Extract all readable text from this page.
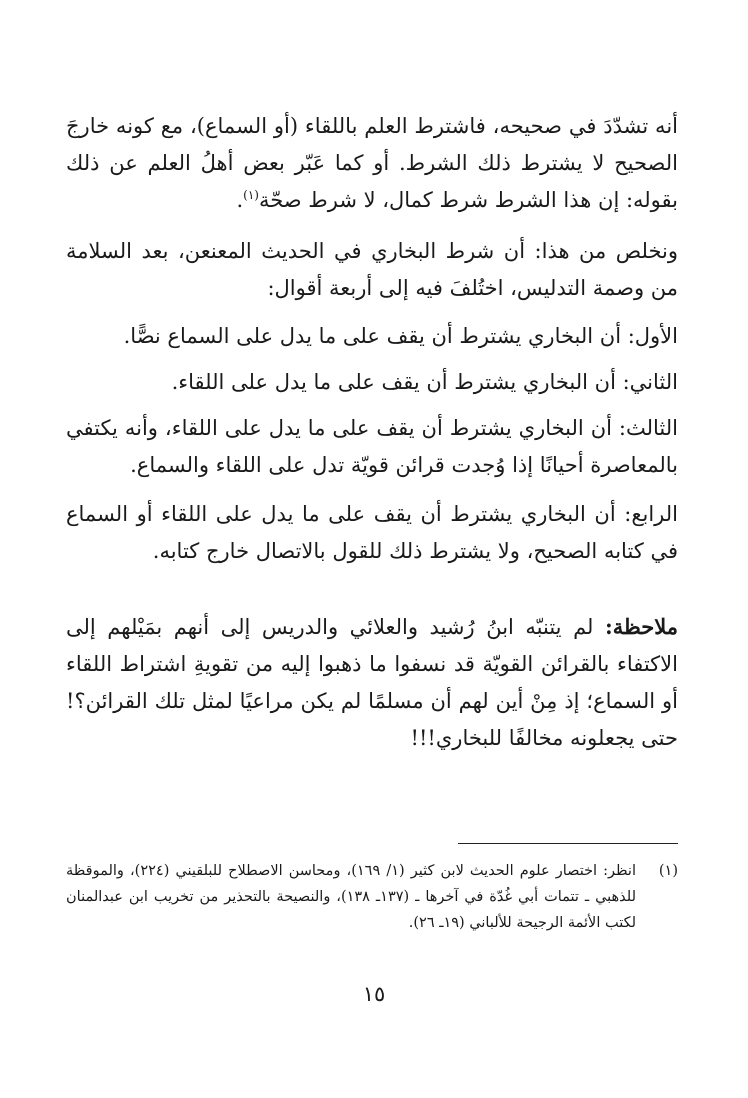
أنه تشدّدَ في صحيحه، فاشترط العلم باللقاء (أو السماع)، مع كونه خارجَ الصحيح لا يشترط ذلك الشرط. أو كما عَبّر بعض أهلُ العلم عن ذلك بقوله: إن هذا الشرط شرط كمال، لا شرط صحّة$^{(١)}$.

ونخلص من هذا: أن شرط البخاري في الحديث المعنعن، بعد السلامة من وصمة التدليس، اختُلفَ فيه إلى أربعة أقوال:

الأول: أن البخاري يشترط أن يقف على ما يدل على السماع نصًّا.

الثاني: أن البخاري يشترط أن يقف على ما يدل على اللقاء.

الثالث: أن البخاري يشترط أن يقف على ما يدل على اللقاء، وأنه يكتفي بالمعاصرة أحيانًا إذا وُجدت قرائن قويّة تدل على اللقاء والسماع.

الرابع: أن البخاري يشترط أن يقف على ما يدل على اللقاء أو السماع في كتابه الصحيح، ولا يشترط ذلك للقول بالاتصال خارج كتابه.

ملاحظة: لم يتنبّه ابنُ رُشيد والعلائي والدريس إلى أنهم بمَيْلهم إلى الاكتفاء بالقرائن القويّة قد نسفوا ما ذهبوا إليه من تقويةِ اشتراط اللقاء أو السماع؛ إذ مِنْ أين لهم أن مسلمًا لم يكن مراعيًا لمثل تلك القرائن؟! حتى يجعلونه مخالفًا للبخاري!!!

(١)
انظر: اختصار علوم الحديث لابن كثير (١/ ١٦٩)، ومحاسن الاصطلاح للبلقيني (٢٢٤)، والموقظة للذهبي ـ تتمات أبي غُدّة في آخرها ـ (١٣٧ـ ١٣٨)، والنصيحة بالتحذير من تخريب ابن عبدالمنان لكتب الأئمة الرجيحة للألباني (١٩ـ ٢٦).
١٥
